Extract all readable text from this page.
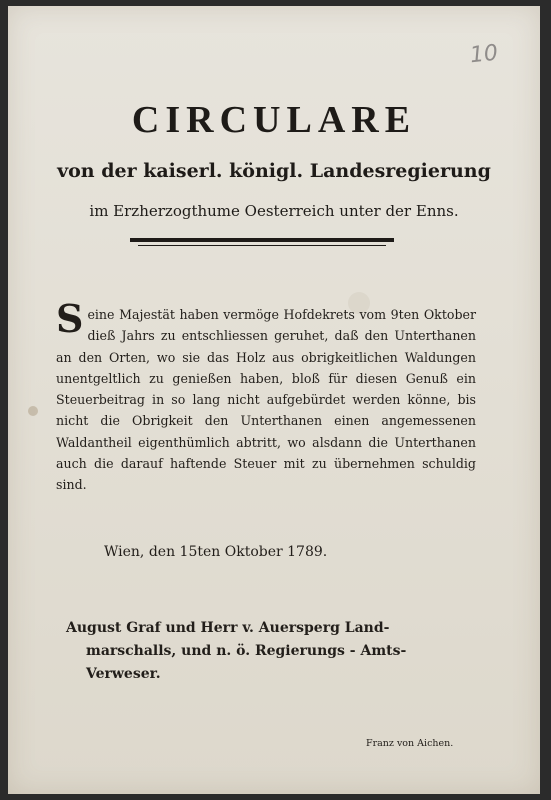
10
CIRCULARE
von der kaiserl. königl. Landesregierung
im Erzherzogthume Oesterreich unter der Enns.
Seine Majestät haben vermöge Hofdekrets vom 9ten Oktober dieß Jahrs zu entschliessen geruhet, daß den Unterthanen an den Orten, wo sie das Holz aus obrigkeitlichen Waldungen unentgeltlich zu genießen haben, bloß für diesen Genuß ein Steuerbeitrag in so lang nicht aufgebürdet werden könne, bis nicht die Obrigkeit den Unterthanen einen angemessenen Waldantheil eigenthümlich abtritt, wo alsdann die Unterthanen auch die darauf haftende Steuer mit zu übernehmen schuldig sind.
Wien, den 15ten Oktober 1789.
August Graf und Herr v. Auersperg Land-
marschalls, und n. ö. Regierungs - Amts-
Verweser.
Franz von Aichen.
